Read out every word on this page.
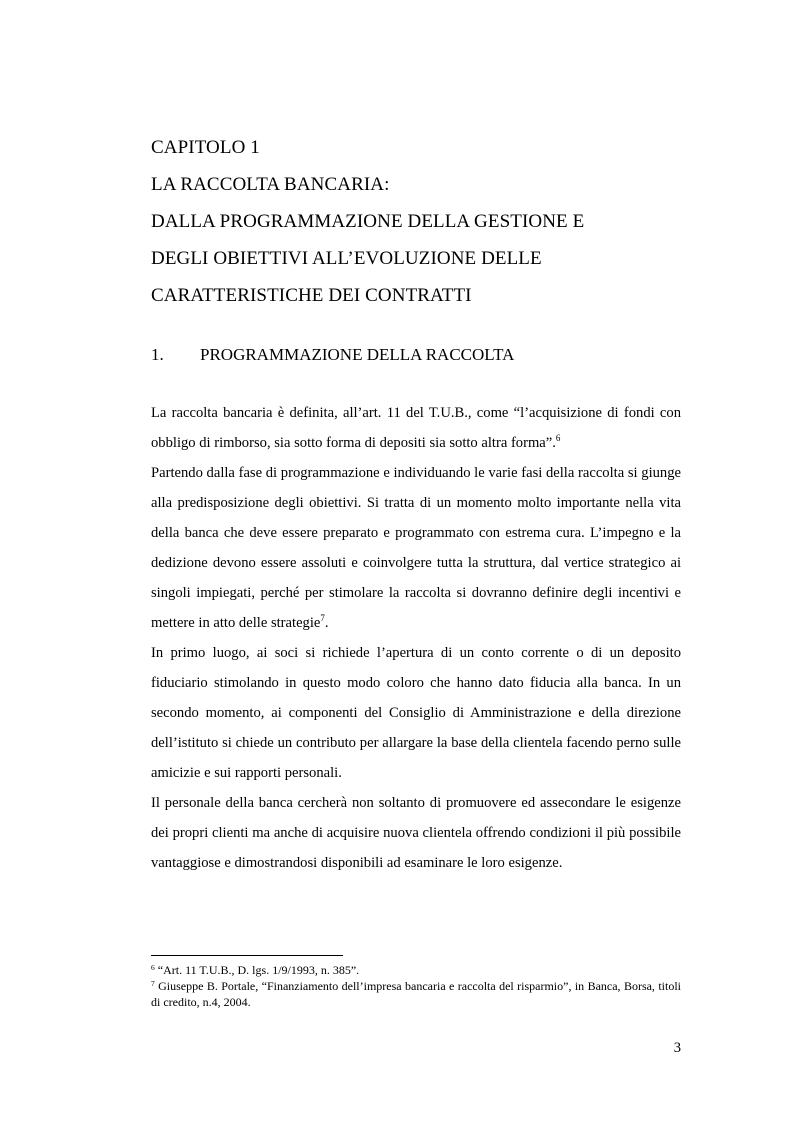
CAPITOLO 1
LA RACCOLTA BANCARIA:
DALLA PROGRAMMAZIONE DELLA GESTIONE E
DEGLI OBIETTIVI ALL’EVOLUZIONE DELLE
CARATTERISTICHE DEI CONTRATTI
1. PROGRAMMAZIONE DELLA RACCOLTA

La raccolta bancaria è definita, all’art. 11 del T.U.B., come “l’acquisizione di fondi con obbligo di rimborso, sia sotto forma di depositi sia sotto altra forma”.$^6$

Partendo dalla fase di programmazione e individuando le varie fasi della raccolta si giunge alla predisposizione degli obiettivi. Si tratta di un momento molto importante nella vita della banca che deve essere preparato e programmato con estrema cura. L’impegno e la dedizione devono essere assoluti e coinvolgere tutta la struttura, dal vertice strategico ai singoli impiegati, perché per stimolare la raccolta si dovranno definire degli incentivi e mettere in atto delle strategie$^7$.

In primo luogo, ai soci si richiede l’apertura di un conto corrente o di un deposito fiduciario stimolando in questo modo coloro che hanno dato fiducia alla banca. In un secondo momento, ai componenti del Consiglio di Amministrazione e della direzione dell’istituto si chiede un contributo per allargare la base della clientela facendo perno sulle amicizie e sui rapporti personali.

Il personale della banca cercherà non soltanto di promuovere ed assecondare le esigenze dei propri clienti ma anche di acquisire nuova clientela offrendo condizioni il più possibile vantaggiose e dimostrandosi disponibili ad esaminare le loro esigenze.

$^6$ “Art. 11 T.U.B., D. lgs. 1/9/1993, n. 385”.

$^7$ Giuseppe B. Portale, “Finanziamento dell’impresa bancaria e raccolta del risparmio”, in Banca, Borsa, titoli di credito, n.4, 2004.

3
